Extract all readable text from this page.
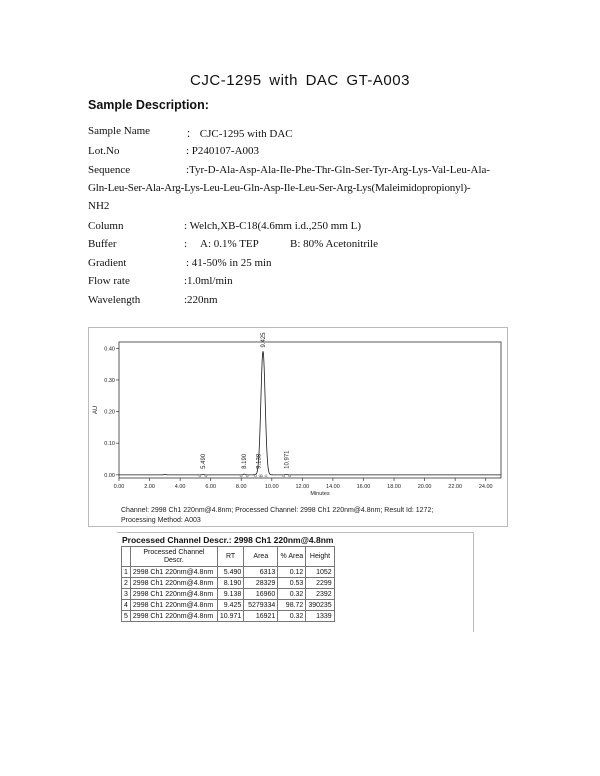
CJC-1295 with DAC GT-A003
Sample Description:
Sample Name	： CJC-1295 with DAC
Lot.No	: P240107-A003
Sequence	:Tyr-D-Ala-Asp-Ala-Ile-Phe-Thr-Gln-Ser-Tyr-Arg-Lys-Val-Leu-Ala-
Gln-Leu-Ser-Ala-Arg-Lys-Leu-Leu-Gln-Asp-Ile-Leu-Ser-Arg-Lys(Maleimidopropionyl)-
NH2
Column	: Welch,XB-C18(4.6mm i.d.,250 mm L)
Buffer	: A: 0.1% TEP	B: 80% Acetonitrile
Gradient	: 41-50% in 25 min
Flow rate	:1.0ml/min
Wavelength	:220nm
0.00
0.10
0.20
0.30
0.40
0.00	2.00	4.00	6.00	8.00	10.00	12.00	14.00	16.00	18.00	20.00	22.00	24.00
Minutes
AU
5.490	8.190 9.138
9.425
10.971
Channel: 2998 Ch1 220nm@4.8nm; Processed Channel: 2998 Ch1 220nm@4.8nm; Result Id: 1272;
Processing Method: A003
Processed Channel Descr.: 2998 Ch1 220nm@4.8nm
	Processed Channel Descr.	RT	Area	% Area	Height
1	2998 Ch1 220nm@4.8nm	5.490	6313	0.12	1052
2	2998 Ch1 220nm@4.8nm	8.190	28329	0.53	2299
3	2998 Ch1 220nm@4.8nm	9.138	16960	0.32	2392
4	2998 Ch1 220nm@4.8nm	9.425	5279334	98.72	390235
5	2998 Ch1 220nm@4.8nm	10.971	16921	0.32	1339
